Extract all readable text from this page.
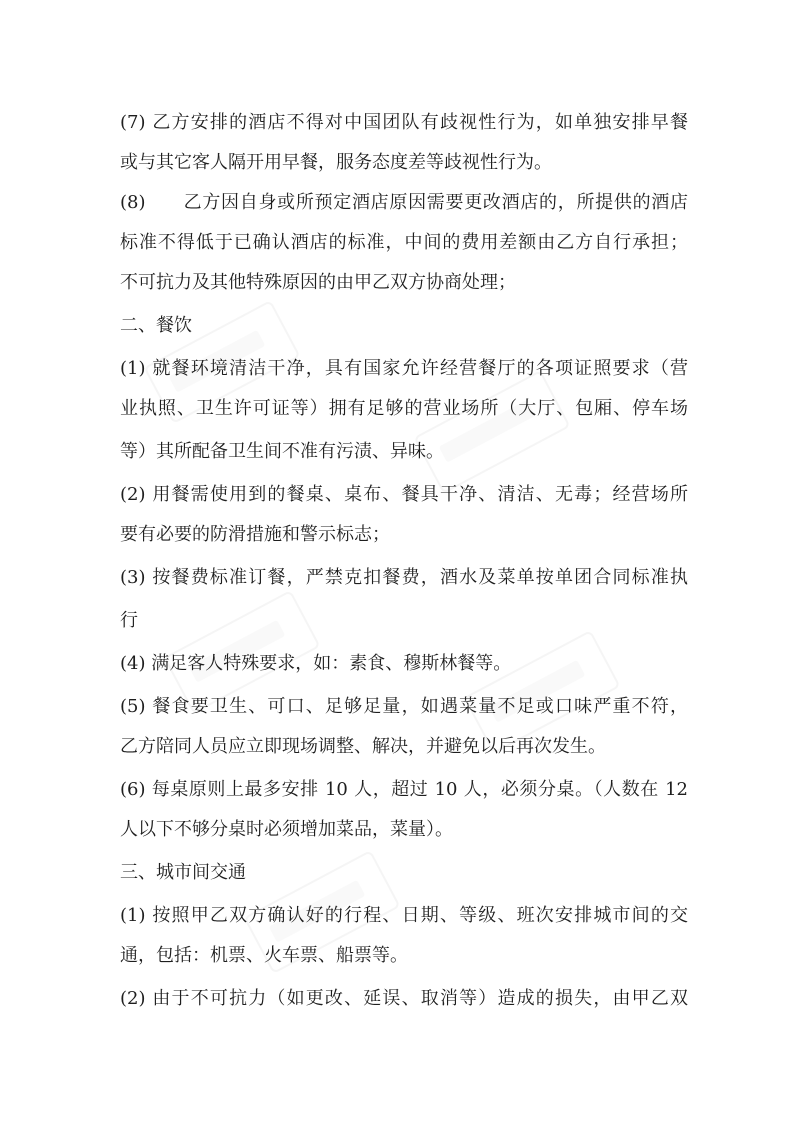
(7) 乙方安排的酒店不得对中国团队有歧视性行为，如单独安排早餐
或与其它客人隔开用早餐，服务态度差等歧视性行为。
(8)　　乙方因自身或所预定酒店原因需要更改酒店的，所提供的酒店
标准不得低于已确认酒店的标准，中间的费用差额由乙方自行承担；
不可抗力及其他特殊原因的由甲乙双方协商处理；
二、餐饮
(1) 就餐环境清洁干净，具有国家允许经营餐厅的各项证照要求（营
业执照、卫生许可证等）拥有足够的营业场所（大厅、包厢、停车场
等）其所配备卫生间不准有污渍、异味。
(2) 用餐需使用到的餐桌、桌布、餐具干净、清洁、无毒；经营场所
要有必要的防滑措施和警示标志；
(3) 按餐费标准订餐，严禁克扣餐费，酒水及菜单按单团合同标准执
行
(4) 满足客人特殊要求，如：素食、穆斯林餐等。
(5) 餐食要卫生、可口、足够足量，如遇菜量不足或口味严重不符，
乙方陪同人员应立即现场调整、解决，并避免以后再次发生。
(6) 每桌原则上最多安排 10 人，超过 10 人，必须分桌。（人数在 12
人以下不够分桌时必须增加菜品，菜量）。
三、城市间交通
(1) 按照甲乙双方确认好的行程、日期、等级、班次安排城市间的交
通，包括：机票、火车票、船票等。
(2) 由于不可抗力（如更改、延误、取消等）造成的损失，由甲乙双
